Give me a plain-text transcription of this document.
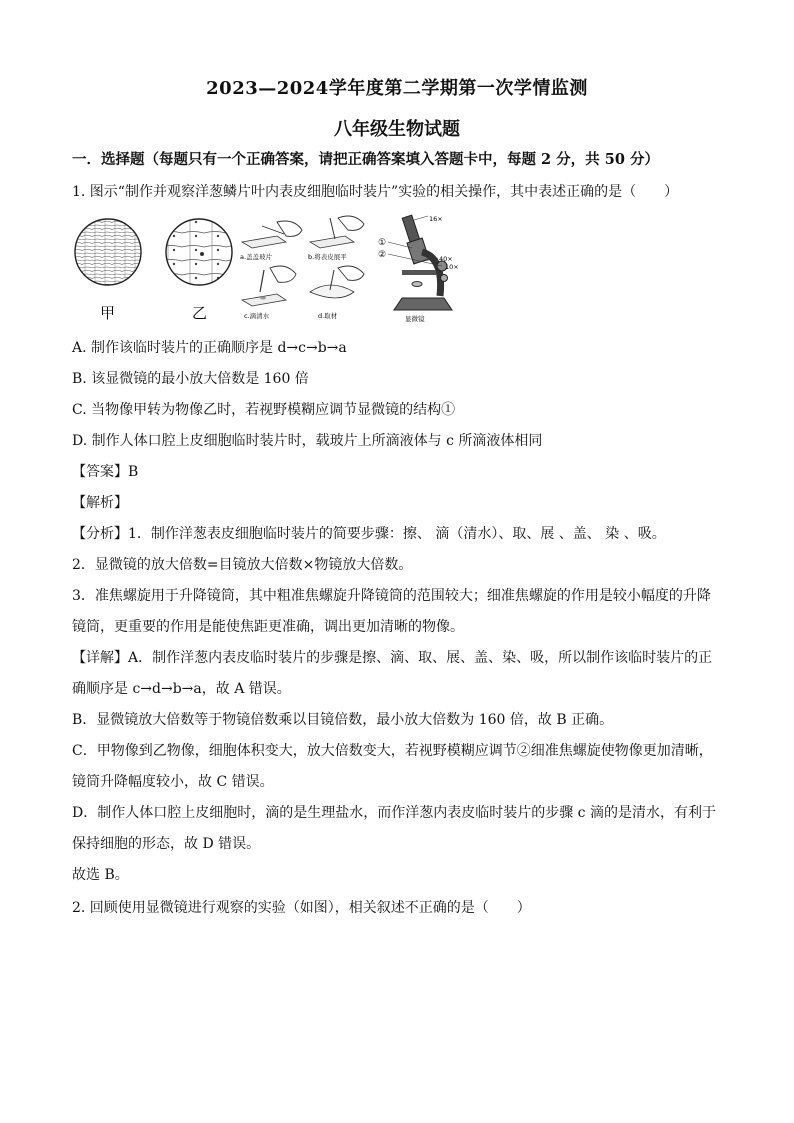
2023—2024学年度第二学期第一次学情监测
八年级生物试题
一．选择题（每题只有一个正确答案，请把正确答案填入答题卡中，每题 2 分，共 50 分）
1. 图示“制作并观察洋葱鳞片叶内表皮细胞临时装片”实验的相关操作，其中表述正确的是（　　）
甲	乙
a.盖盖玻片	b.将表皮展平
c.滴清水	d.取材
16×
①
②	40×
10×
显微镜
A. 制作该临时装片的正确顺序是 d→c→b→a
B. 该显微镜的最小放大倍数是 160 倍
C. 当物像甲转为物像乙时，若视野模糊应调节显微镜的结构①
D. 制作人体口腔上皮细胞临时装片时，载玻片上所滴液体与 c 所滴液体相同
【答案】B
【解析】
【分析】1．制作洋葱表皮细胞临时装片的简要步骤：擦、 滴（清水）、取、展 、盖、 染 、吸。
2．显微镜的放大倍数=目镜放大倍数×物镜放大倍数。
3．准焦螺旋用于升降镜筒，其中粗准焦螺旋升降镜筒的范围较大；细准焦螺旋的作用是较小幅度的升降
镜筒，更重要的作用是能使焦距更准确，调出更加清晰的物像。
【详解】A．制作洋葱内表皮临时装片的步骤是擦、滴、取、展、盖、染、吸，所以制作该临时装片的正
确顺序是 c→d→b→a，故 A 错误。
B．显微镜放大倍数等于物镜倍数乘以目镜倍数，最小放大倍数为 160 倍，故 B 正确。
C．甲物像到乙物像，细胞体积变大，放大倍数变大，若视野模糊应调节②细准焦螺旋使物像更加清晰，
镜筒升降幅度较小，故 C 错误。
D．制作人体口腔上皮细胞时，滴的是生理盐水，而作洋葱内表皮临时装片的步骤 c 滴的是清水，有利于
保持细胞的形态，故 D 错误。
故选 B。
2. 回顾使用显微镜进行观察的实验（如图），相关叙述不正确的是（　　）
